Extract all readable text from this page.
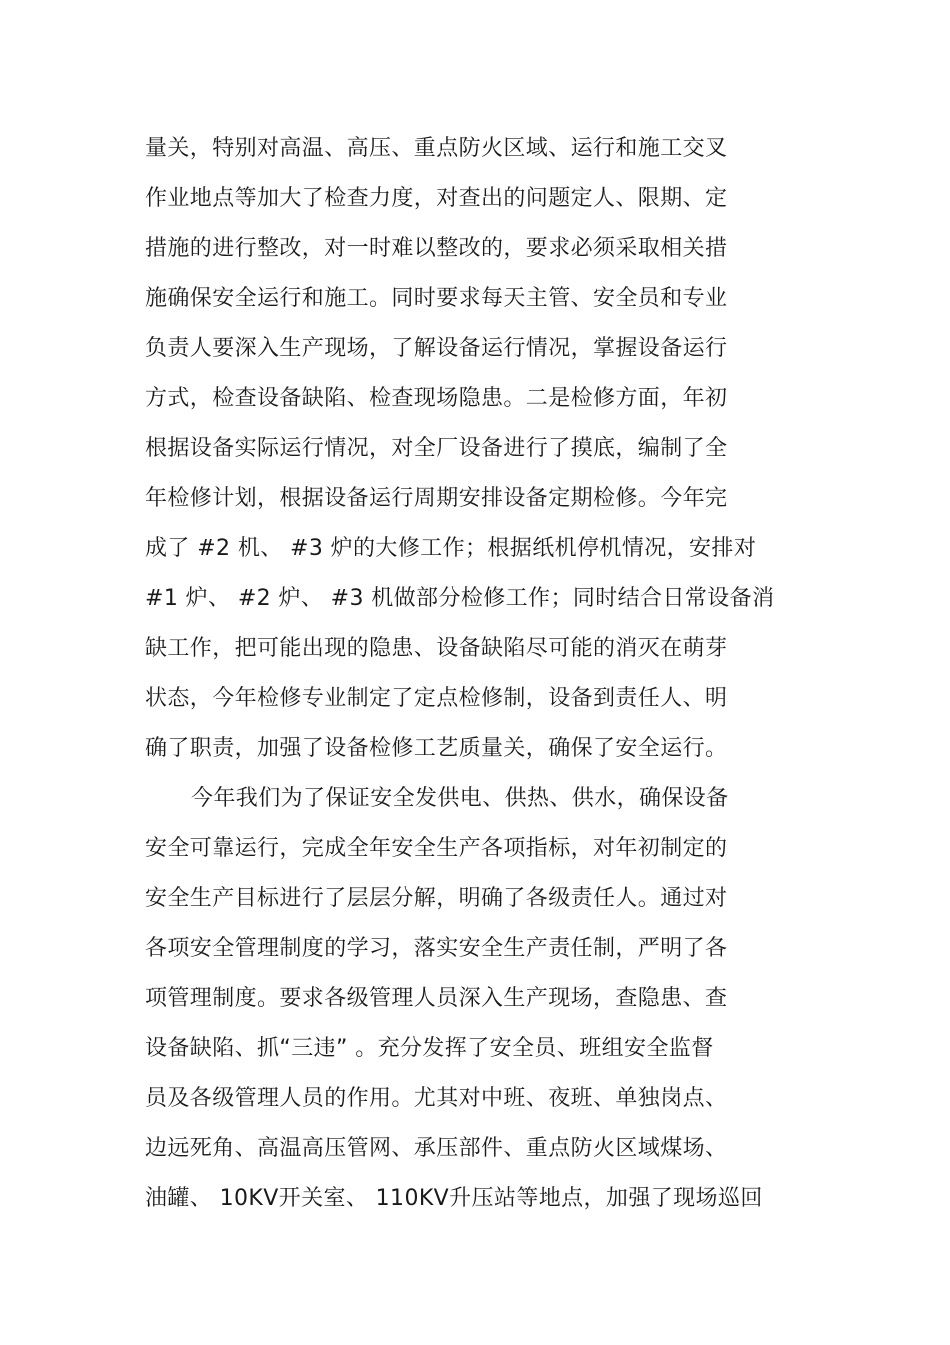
量关，特别对高温、高压、重点防火区域、运行和施工交叉
作业地点等加大了检查力度，对查出的问题定人、限期、定
措施的进行整改，对一时难以整改的，要求必须采取相关措
施确保安全运行和施工。同时要求每天主管、安全员和专业
负责人要深入生产现场，了解设备运行情况，掌握设备运行
方式，检查设备缺陷、检查现场隐患。二是检修方面，年初
根据设备实际运行情况，对全厂设备进行了摸底，编制了全
年检修计划，根据设备运行周期安排设备定期检修。今年完
成了 #2 机、 #3 炉的大修工作；根据纸机停机情况，安排对
#1 炉、 #2 炉、 #3 机做部分检修工作；同时结合日常设备消
缺工作，把可能出现的隐患、设备缺陷尽可能的消灭在萌芽
状态，今年检修专业制定了定点检修制，设备到责任人、明
确了职责，加强了设备检修工艺质量关，确保了安全运行。
今年我们为了保证安全发供电、供热、供水，确保设备
安全可靠运行，完成全年安全生产各项指标，对年初制定的
安全生产目标进行了层层分解，明确了各级责任人。通过对
各项安全管理制度的学习，落实安全生产责任制，严明了各
项管理制度。要求各级管理人员深入生产现场，查隐患、查
设备缺陷、抓“三违” 。充分发挥了安全员、班组安全监督
员及各级管理人员的作用。尤其对中班、夜班、单独岗点、
边远死角、高温高压管网、承压部件、重点防火区域煤场、
油罐、 10KV开关室、 110KV升压站等地点，加强了现场巡回
